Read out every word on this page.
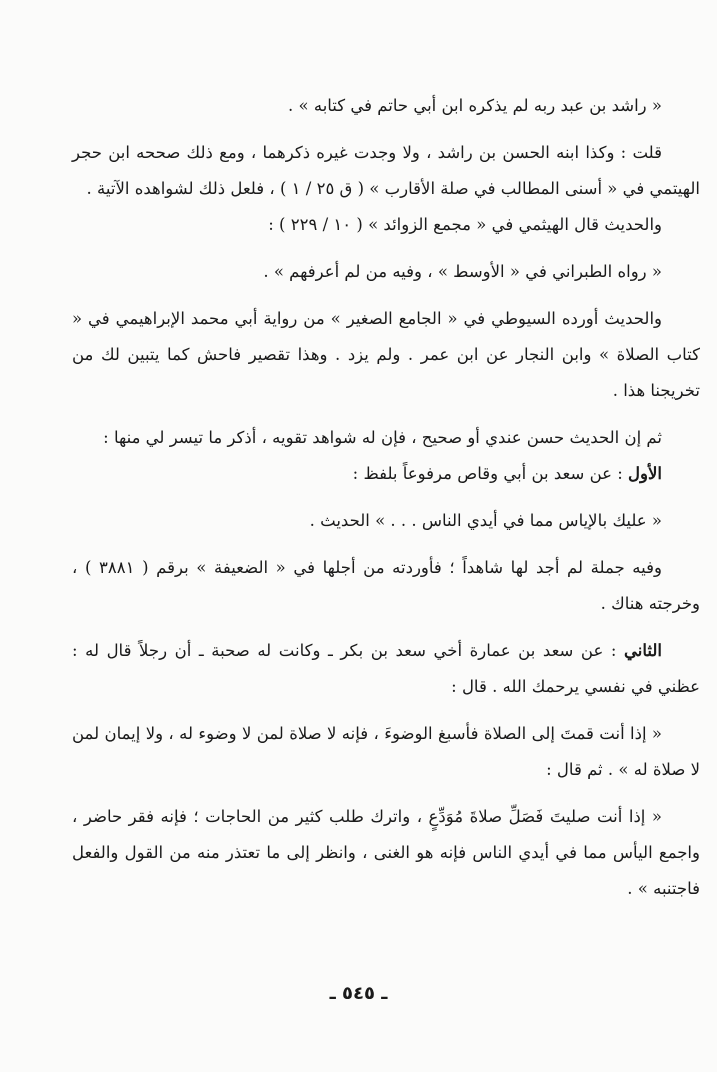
« راشد بن عبد ربه لم يذكره ابن أبي حاتم في كتابه » .

قلت : وكذا ابنه الحسن بن راشد ، ولا وجدت غيره ذكرهما ، ومع ذلك صححه ابن حجر الهيتمي في « أسنى المطالب في صلة الأقارب » ( ق ٢٥ / ١ ) ، فلعل ذلك لشواهده الآتية .

والحديث قال الهيثمي في « مجمع الزوائد » ( ١٠ / ٢٢٩ ) :

« رواه الطبراني في « الأوسط » ، وفيه من لم أعرفهم » .

والحديث أورده السيوطي في « الجامع الصغير » من رواية أبي محمد الإبراهيمي في « كتاب الصلاة » وابن النجار عن ابن عمر . ولم يزد . وهذا تقصير فاحش كما يتبين لك من تخريجنا هذا .

ثم إن الحديث حسن عندي أو صحيح ، فإن له شواهد تقويه ، أذكر ما تيسر لي منها :

الأول : عن سعد بن أبي وقاص مرفوعاً بلفظ :

« عليك بالإياس مما في أيدي الناس . . . » الحديث .

وفيه جملة لم أجد لها شاهداً ؛ فأوردته من أجلها في « الضعيفة » برقم ( ٣٨٨١ ) ، وخرجته هناك .

الثاني : عن سعد بن عمارة أخي سعد بن بكر ـ وكانت له صحبة ـ أن رجلاً قال له : عظني في نفسي يرحمك الله . قال :

« إذا أنت قمتَ إلى الصلاة فأسبغ الوضوءَ ، فإنه لا صلاة لمن لا وضوء له ، ولا إيمان لمن لا صلاة له » . ثم قال :

« إذا أنت صليتَ فَصَلِّ صلاةَ مُوَدِّعٍ ، واترك طلب كثير من الحاجات ؛ فإنه فقر حاضر ، واجمع اليأس مما في أيدي الناس فإنه هو الغنى ، وانظر إلى ما تعتذر منه من القول والفعل فاجتنبه » .

ـ ٥٤٥ ـ
